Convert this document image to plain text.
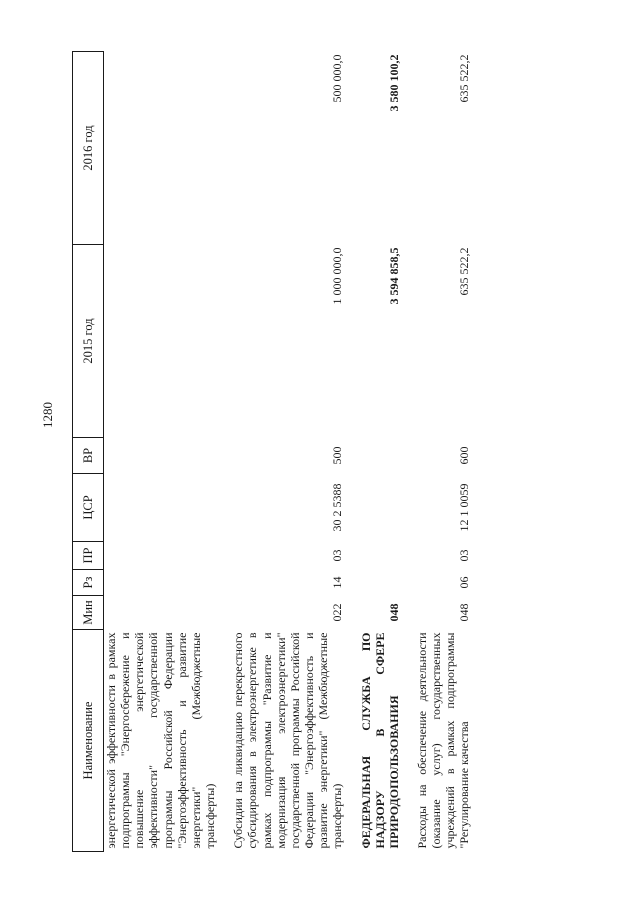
1280
Наименование	Мин	Рз	ПР	ЦСР	ВР	2015 год	2016 год
энергетической эффективности в рамках подпрограммы "Энергосбережение и повышение энергетической эффективности" государственной программы Российской Федерации "Энергоэффективность и развитие энергетики" (Межбюджетные трансферты)							

Субсидии на ликвидацию перекрестного субсидирования в электроэнергетике в рамках подпрограммы "Развитие и модернизация электроэнергетики" государственной программы Российской Федерации "Энергоэффективность и развитие энергетики" (Межбюджетные трансферты)	022	14	03	30 2 5388	500	1 000 000,0	500 000,0
ФЕДЕРАЛЬНАЯ СЛУЖБА ПО НАДЗОРУ В СФЕРЕ ПРИРОДОПОЛЬЗОВАНИЯ	048					3 594 858,5	3 580 100,2

Расходы на обеспечение деятельности (оказание услуг) государственных учреждений в рамках подпрограммы "Регулирование качества	048	06	03	12 1 0059	600	635 522,2	635 522,2
